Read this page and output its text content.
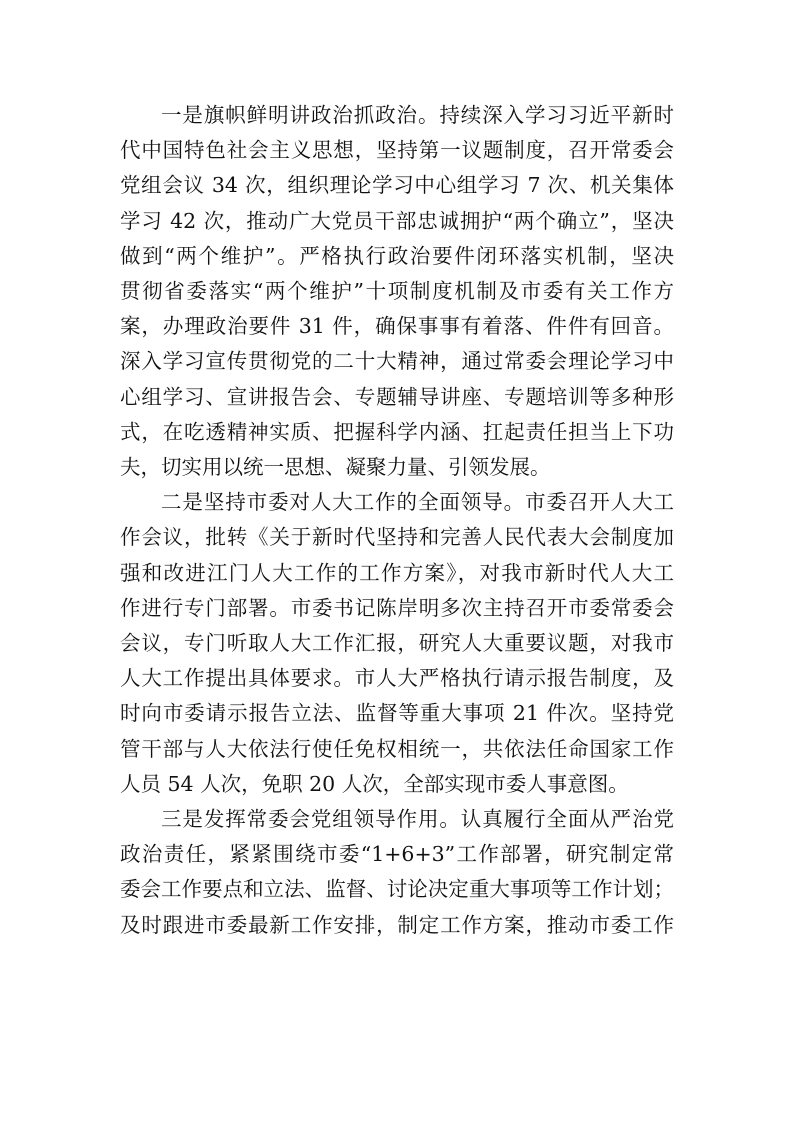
一是旗帜鲜明讲政治抓政治。持续深入学习习近平新时
代中国特色社会主义思想，坚持第一议题制度，召开常委会
党组会议 34 次，组织理论学习中心组学习 7 次、机关集体
学习 42 次，推动广大党员干部忠诚拥护“两个确立”，坚决
做到“两个维护”。严格执行政治要件闭环落实机制，坚决
贯彻省委落实“两个维护”十项制度机制及市委有关工作方
案，办理政治要件 31 件，确保事事有着落、件件有回音。
深入学习宣传贯彻党的二十大精神，通过常委会理论学习中
心组学习、宣讲报告会、专题辅导讲座、专题培训等多种形
式，在吃透精神实质、把握科学内涵、扛起责任担当上下功
夫，切实用以统一思想、凝聚力量、引领发展。

二是坚持市委对人大工作的全面领导。市委召开人大工
作会议，批转《关于新时代坚持和完善人民代表大会制度加
强和改进江门人大工作的工作方案》，对我市新时代人大工
作进行专门部署。市委书记陈岸明多次主持召开市委常委会
会议，专门听取人大工作汇报，研究人大重要议题，对我市
人大工作提出具体要求。市人大严格执行请示报告制度，及
时向市委请示报告立法、监督等重大事项 21 件次。坚持党
管干部与人大依法行使任免权相统一，共依法任命国家工作
人员 54 人次，免职 20 人次，全部实现市委人事意图。

三是发挥常委会党组领导作用。认真履行全面从严治党
政治责任，紧紧围绕市委“1+6+3”工作部署，研究制定常
委会工作要点和立法、监督、讨论决定重大事项等工作计划；
及时跟进市委最新工作安排，制定工作方案，推动市委工作
